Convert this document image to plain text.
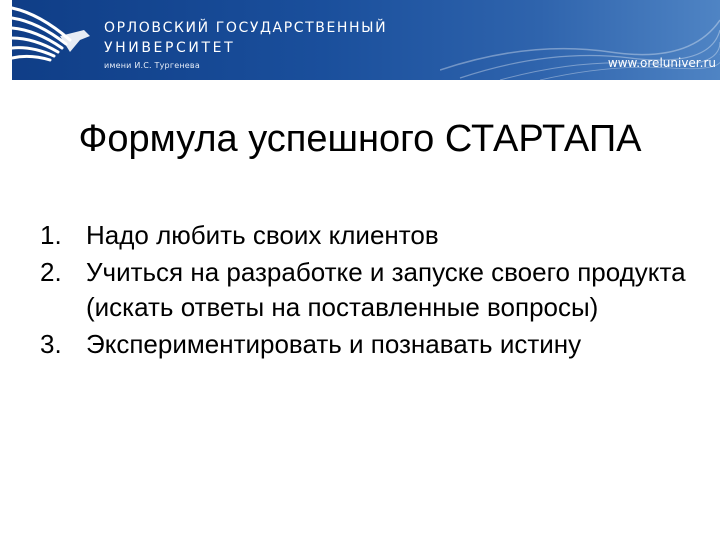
ОРЛОВСКИЙ ГОСУДАРСТВЕННЫЙ
УНИВЕРСИТЕТ
имени И.С. Тургенева	www.oreluniver.ru
Формула успешного СТАРТАПА
1. Надо любить своих клиентов
2. Учиться на разработке и запуске своего продукта (искать ответы на поставленные вопросы)
3. Экспериментировать и познавать истину
